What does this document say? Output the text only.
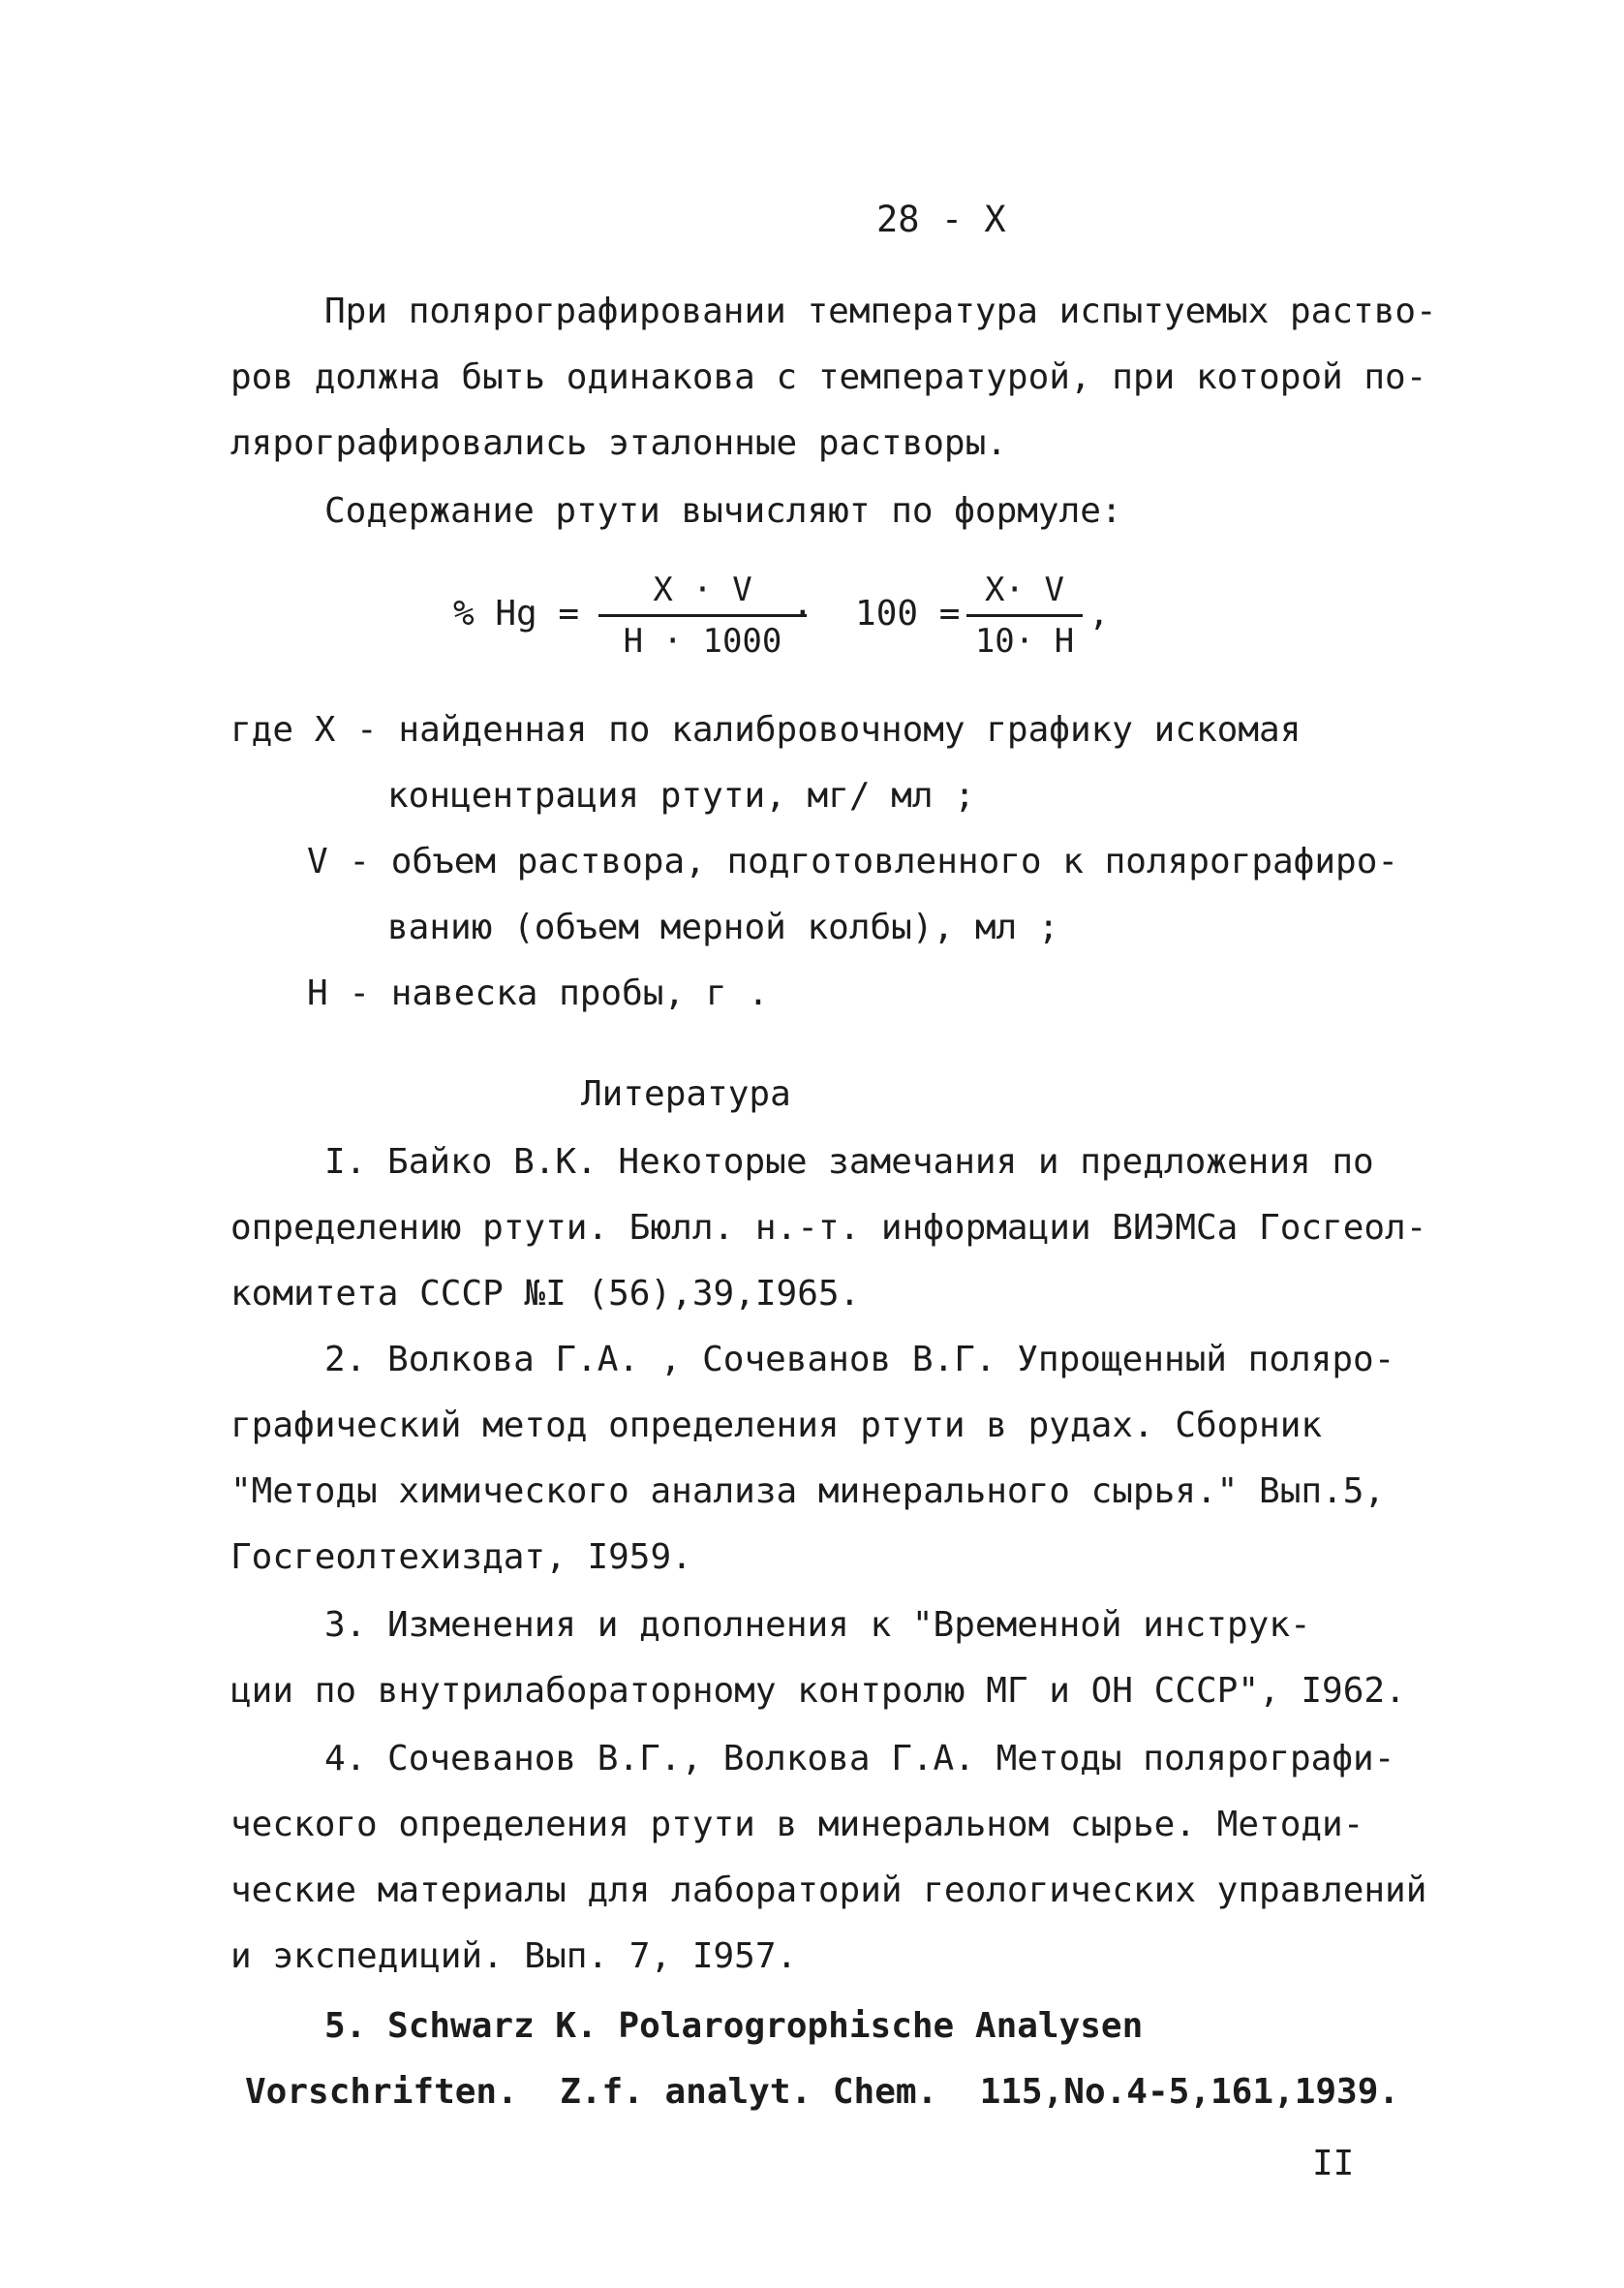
28 - Х
При полярографировании температура испытуемых раство-
ров должна быть одинакова с температурой, при которой по-
лярографировались эталонные растворы.
Содержание ртути вычисляют по формуле:
% Hg =
X · V
H · 1000
·  100 =
X· V
10· H
,
где X - найденная по калибровочному графику искомая
концентрация ртути, мг/ мл ;
V - объем раствора, подготовленного к полярографиро-
ванию (объем мерной колбы), мл ;
Н - навеска пробы, г .
Литература
I. Байко В.К. Некоторые замечания и предложения по
определению ртути. Бюлл. н.-т. информации ВИЭМСа Госгеол-
комитета СССР №I (56),39,I965.
2. Волкова Г.А. , Сочеванов В.Г. Упрощенный поляро-
графический метод определения ртути в рудах. Сборник
"Методы химического анализа минерального сырья." Вып.5,
Госгеолтехиздат, I959.
3. Изменения и дополнения к "Временной инструк-
ции по внутрилабораторному контролю МГ и ОН СССР", I962.
4. Сочеванов В.Г., Волкова Г.А. Методы полярографи-
ческого определения ртути в минеральном сырье. Методи-
ческие материалы для лабораторий геологических управлений
и экспедиций. Вып. 7, I957.
5. Schwarz K. Polarogrophische Analysen
Vorschriften.  Z.f. analyt. Chem.  115,No.4-5,161,1939.
II
